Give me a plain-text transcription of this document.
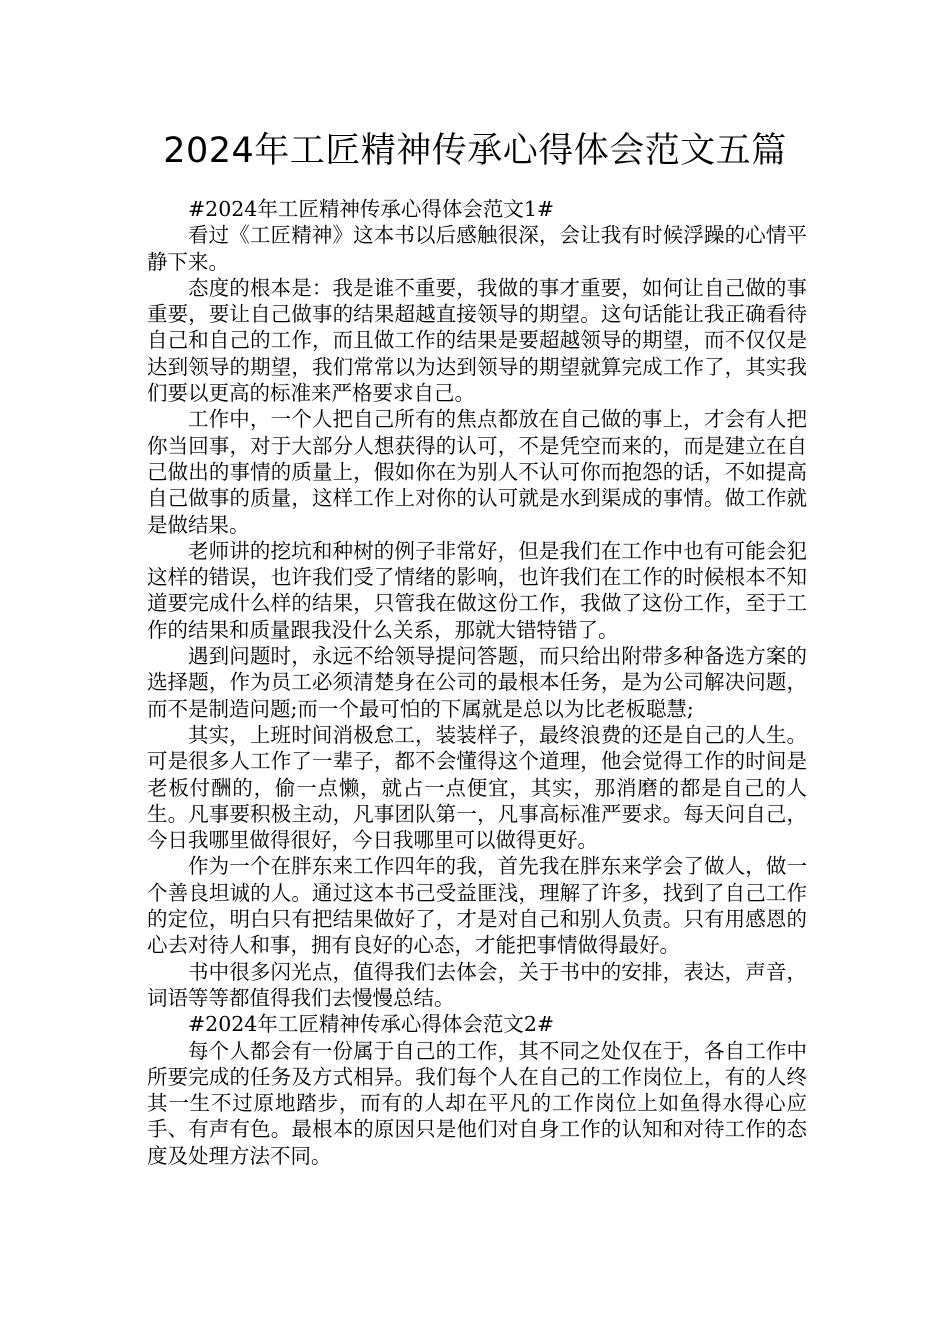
2024年工匠精神传承心得体会范文五篇

#2024年工匠精神传承心得体会范文1#

看过《工匠精神》这本书以后感触很深，会让我有时候浮躁的心情平静下来。

态度的根本是：我是谁不重要，我做的事才重要，如何让自己做的事重要，要让自己做事的结果超越直接领导的期望。这句话能让我正确看待自己和自己的工作，而且做工作的结果是要超越领导的期望，而不仅仅是达到领导的期望，我们常常以为达到领导的期望就算完成工作了，其实我们要以更高的标准来严格要求自己。

工作中，一个人把自己所有的焦点都放在自己做的事上，才会有人把你当回事，对于大部分人想获得的认可，不是凭空而来的，而是建立在自己做出的事情的质量上，假如你在为别人不认可你而抱怨的话，不如提高自己做事的质量，这样工作上对你的认可就是水到渠成的事情。做工作就是做结果。

老师讲的挖坑和种树的例子非常好，但是我们在工作中也有可能会犯这样的错误，也许我们受了情绪的影响，也许我们在工作的时候根本不知道要完成什么样的结果，只管我在做这份工作，我做了这份工作，至于工作的结果和质量跟我没什么关系，那就大错特错了。

遇到问题时，永远不给领导提问答题，而只给出附带多种备选方案的选择题，作为员工必须清楚身在公司的最根本任务，是为公司解决问题，而不是制造问题;而一个最可怕的下属就是总以为比老板聪慧;

其实，上班时间消极怠工，装装样子，最终浪费的还是自己的人生。可是很多人工作了一辈子，都不会懂得这个道理，他会觉得工作的时间是老板付酬的，偷一点懒，就占一点便宜，其实，那消磨的都是自己的人生。凡事要积极主动，凡事团队第一，凡事高标准严要求。每天问自己，今日我哪里做得很好，今日我哪里可以做得更好。

作为一个在胖东来工作四年的我，首先我在胖东来学会了做人，做一个善良坦诚的人。通过这本书己受益匪浅，理解了许多，找到了自己工作的定位，明白只有把结果做好了，才是对自己和别人负责。只有用感恩的心去对待人和事，拥有良好的心态，才能把事情做得最好。

书中很多闪光点，值得我们去体会，关于书中的安排，表达，声音，词语等等都值得我们去慢慢总结。

#2024年工匠精神传承心得体会范文2#

每个人都会有一份属于自己的工作，其不同之处仅在于，各自工作中所要完成的任务及方式相异。我们每个人在自己的工作岗位上，有的人终其一生不过原地踏步，而有的人却在平凡的工作岗位上如鱼得水得心应手、有声有色。最根本的原因只是他们对自身工作的认知和对待工作的态度及处理方法不同。
